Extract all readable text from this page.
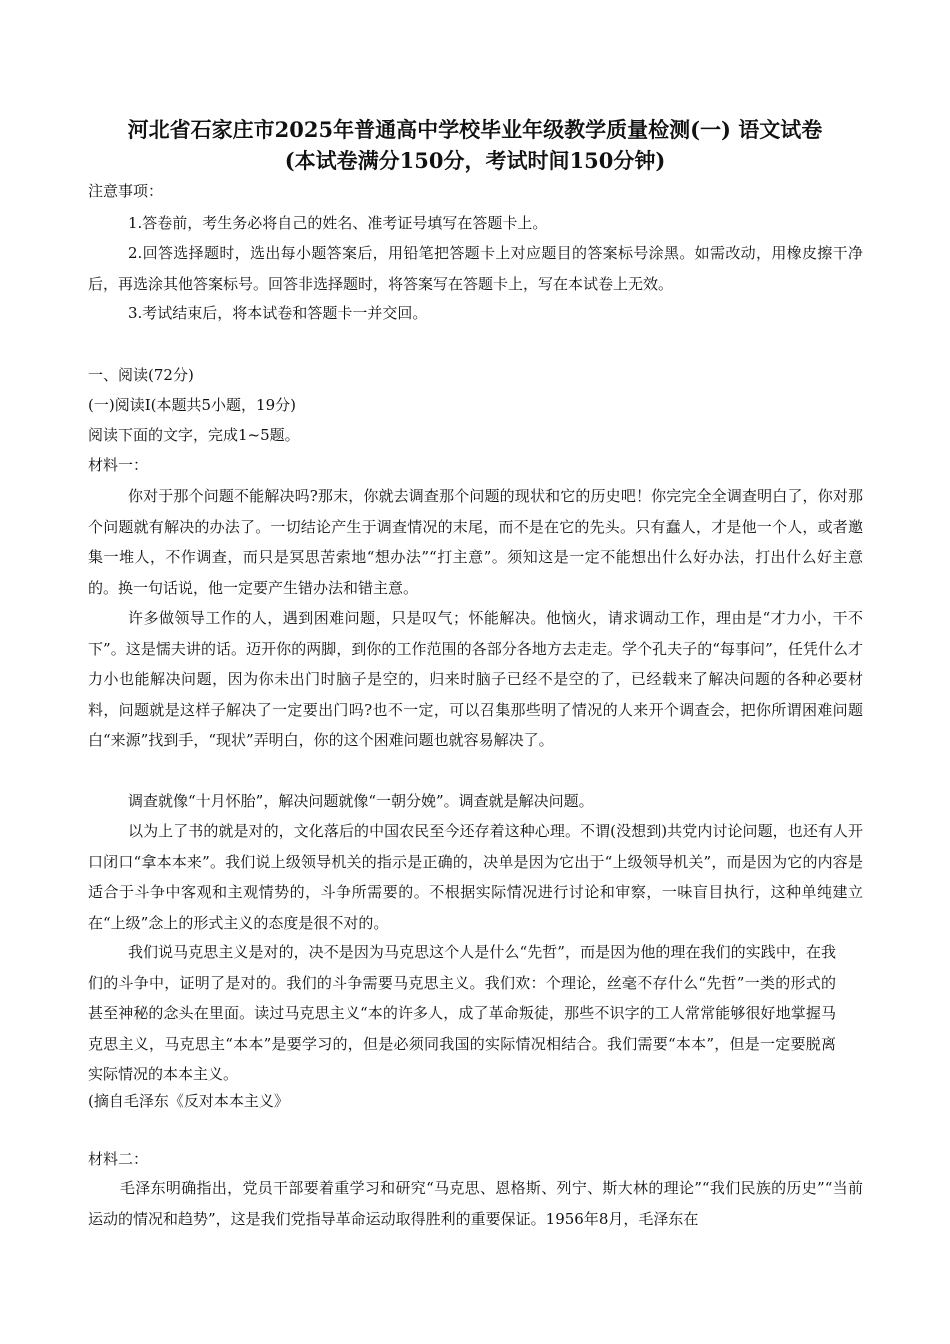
河北省石家庄市2025年普通高中学校毕业年级教学质量检测(一) 语文试卷
(本试卷满分150分，考试时间150分钟)
注意事项：
1.答卷前，考生务必将自己的姓名、准考证号填写在答题卡上。

2.回答选择题时，选出每小题答案后，用铅笔把答题卡上对应题目的答案标号涂黑。如需改动，用橡皮擦干净后，再选涂其他答案标号。回答非选择题时，将答案写在答题卡上，写在本试卷上无效。

3.考试结束后，将本试卷和答题卡一并交回。
一、阅读(72分)
(一)阅读Ⅰ(本题共5小题，19分)
阅读下面的文字，完成1~5题。
材料一：

你对于那个问题不能解决吗?那末，你就去调查那个问题的现状和它的历史吧！你完完全全调查明白了，你对那个问题就有解决的办法了。一切结论产生于调查情况的末尾，而不是在它的先头。只有蠢人，才是他一个人，或者邀集一堆人，不作调查，而只是冥思苦索地“想办法”“打主意”。须知这是一定不能想出什么好办法，打出什么好主意的。换一句话说，他一定要产生错办法和错主意。

许多做领导工作的人，遇到困难问题，只是叹气；怀能解决。他恼火，请求调动工作，理由是“才力小，干不下”。这是懦夫讲的话。迈开你的两脚，到你的工作范围的各部分各地方去走走。学个孔夫子的“每事问”，任凭什么才力小也能解决问题，因为你未出门时脑子是空的，归来时脑子已经不是空的了，已经载来了解决问题的各种必要材料，问题就是这样子解决了一定要出门吗?也不一定，可以召集那些明了情况的人来开个调查会，把你所谓困难问题白“来源”找到手，“现状”弄明白，你的这个困难问题也就容易解决了。

调查就像“十月怀胎”，解决问题就像“一朝分娩”。调查就是解决问题。

以为上了书的就是对的，文化落后的中国农民至今还存着这种心理。不谓(没想到)共党内讨论问题，也还有人开口闭口“拿本本来”。我们说上级领导机关的指示是正确的，决单是因为它出于“上级领导机关”，而是因为它的内容是适合于斗争中客观和主观情势的，斗争所需要的。不根据实际情况进行讨论和审察，一味盲目执行，这种单纯建立在“上级”念上的形式主义的态度是很不对的。

我们说马克思主义是对的，决不是因为马克思这个人是什么“先哲”，而是因为他的理在我们的实践中，在我们的斗争中，证明了是对的。我们的斗争需要马克思主义。我们欢：个理论，丝毫不存什么“先哲”一类的形式的甚至神秘的念头在里面。读过马克思主义“本的许多人，成了革命叛徒，那些不识字的工人常常能够很好地掌握马克思主义，马克思主“本本”是要学习的，但是必须同我国的实际情况相结合。我们需要“本本”，但是一定要脱离实际情况的本本主义。

(摘自毛泽东《反对本本主义》
材料二：

毛泽东明确指出，党员干部要着重学习和研究“马克思、恩格斯、列宁、斯大林的理论”“我们民族的历史”“当前运动的情况和趋势”，这是我们党指导革命运动取得胜利的重要保证。1956年8月，毛泽东在
